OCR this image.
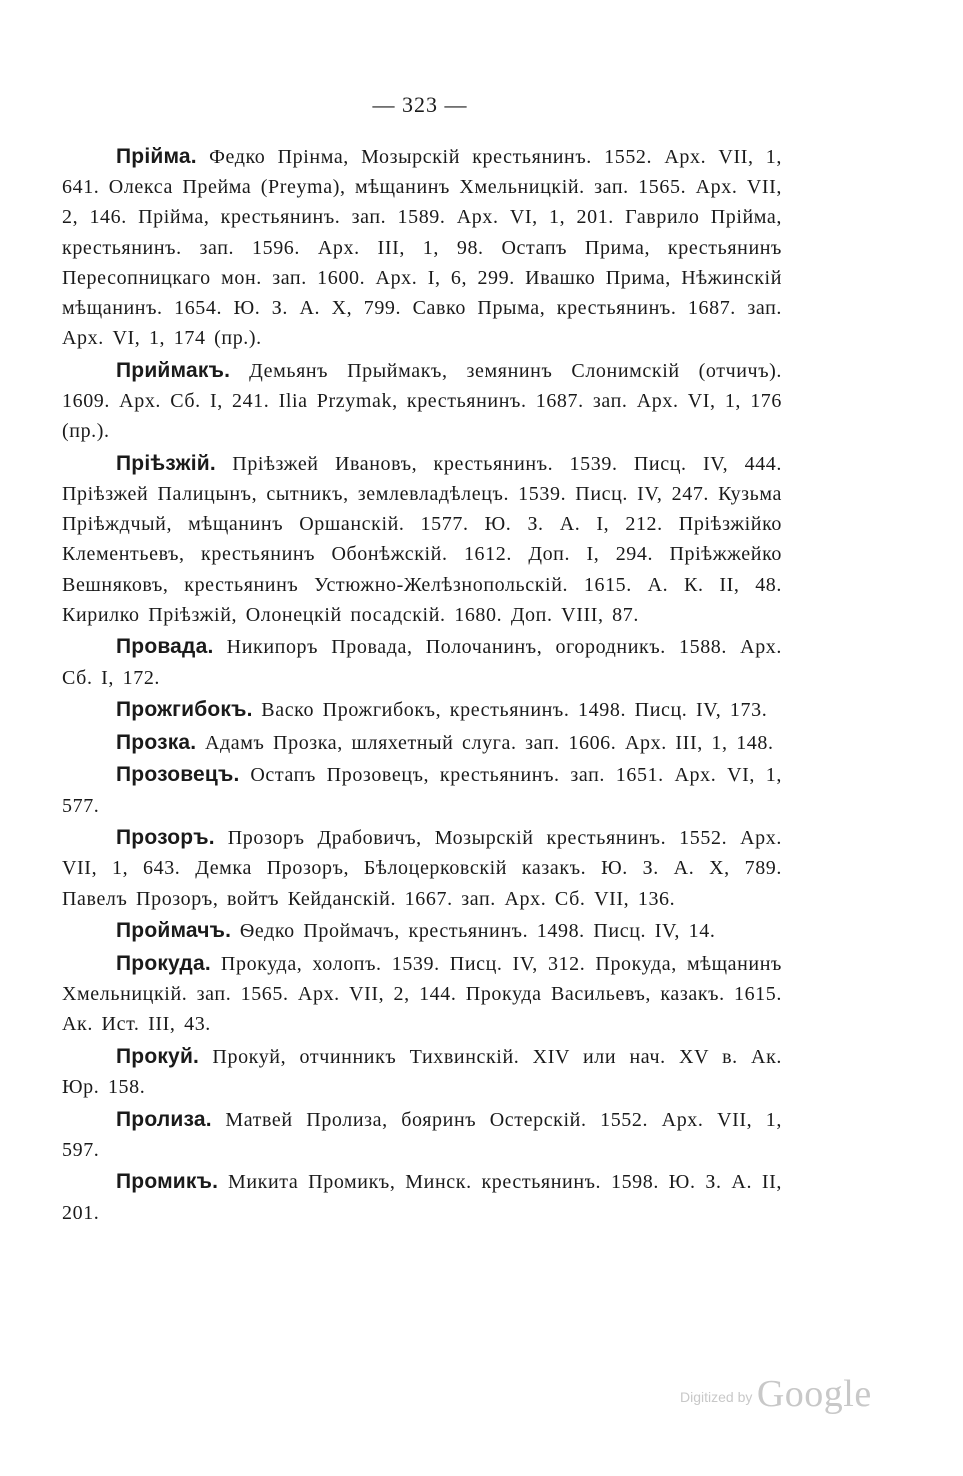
— 323 —

Прійма. Федко Прінма, Мозырскій крестьянинъ. 1552. Арх. VII, 1, 641. Олекса Прейма (Preyma), мѣщанинъ Хмельницкій. зап. 1565. Арх. VII, 2, 146. Прійма, крестьянинъ. зап. 1589. Арх. VI, 1, 201. Гаврило Прійма, крестьянинъ. зап. 1596. Арх. III, 1, 98. Остапъ Прима, крестьянинъ Пересопницкаго мон. зап. 1600. Арх. I, 6, 299. Ивашко Прима, Нѣжинскій мѣщанинъ. 1654. Ю. З. А. X, 799. Савко Прыма, крестьянинъ. 1687. зап. Арх. VI, 1, 174 (пр.).

Приймакъ. Демьянъ Прыймакъ, земянинъ Слонимскій (отчичъ). 1609. Арх. Сб. I, 241. Ilia Przymak, крестьянинъ. 1687. зап. Арх. VI, 1, 176 (пр.).

Пріѣзжій. Пріѣзжей Ивановъ, крестьянинъ. 1539. Писц. IV, 444. Пріѣзжей Палицынъ, сытникъ, землевладѣлецъ. 1539. Писц. IV, 247. Кузьма Пріѣждчый, мѣщанинъ Оршанскій. 1577. Ю. З. А. I, 212. Пріѣзжійко Клементьевъ, крестьянинъ Обонѣжскій. 1612. Доп. I, 294. Пріѣжжейко Вешняковъ, крестьянинъ Устюжно-Желѣзнопольскій. 1615. А. К. II, 48. Кирилко Пріѣзжій, Олонецкій посадскій. 1680. Доп. VIII, 87.

Провада. Никипоръ Провада, Полочанинъ, огородникъ. 1588. Арх. Сб. I, 172.

Прожгибокъ. Васко Прожгибокъ, крестьянинъ. 1498. Писц. IV, 173.

Прозка. Адамъ Прозка, шляхетный слуга. зап. 1606. Арх. III, 1, 148.

Прозовецъ. Остапъ Прозовецъ, крестьянинъ. зап. 1651. Арх. VI, 1, 577.

Прозоръ. Прозоръ Драбовичъ, Мозырскій крестьянинъ. 1552. Арх. VII, 1, 643. Демка Прозоръ, Бѣлоцерковскій казакъ. Ю. З. А. X, 789. Павелъ Прозоръ, войтъ Кейданскій. 1667. зап. Арх. Сб. VII, 136.

Проймачъ. Ѳедко Проймачъ, крестьянинъ. 1498. Писц. IV, 14.

Прокуда. Прокуда, холопъ. 1539. Писц. IV, 312. Прокуда, мѣщанинъ Хмельницкій. зап. 1565. Арх. VII, 2, 144. Прокуда Васильевъ, казакъ. 1615. Ак. Ист. III, 43.

Прокуй. Прокуй, отчинникъ Тихвинскій. XIV или нач. XV в. Ак. Юр. 158.

Пролиза. Матвей Пролиза, бояринъ Остерскій. 1552. Арх. VII, 1, 597.

Промикъ. Микита Промикъ, Минск. крестьянинъ. 1598. Ю. З. А. II, 201.

Digitized by Google
